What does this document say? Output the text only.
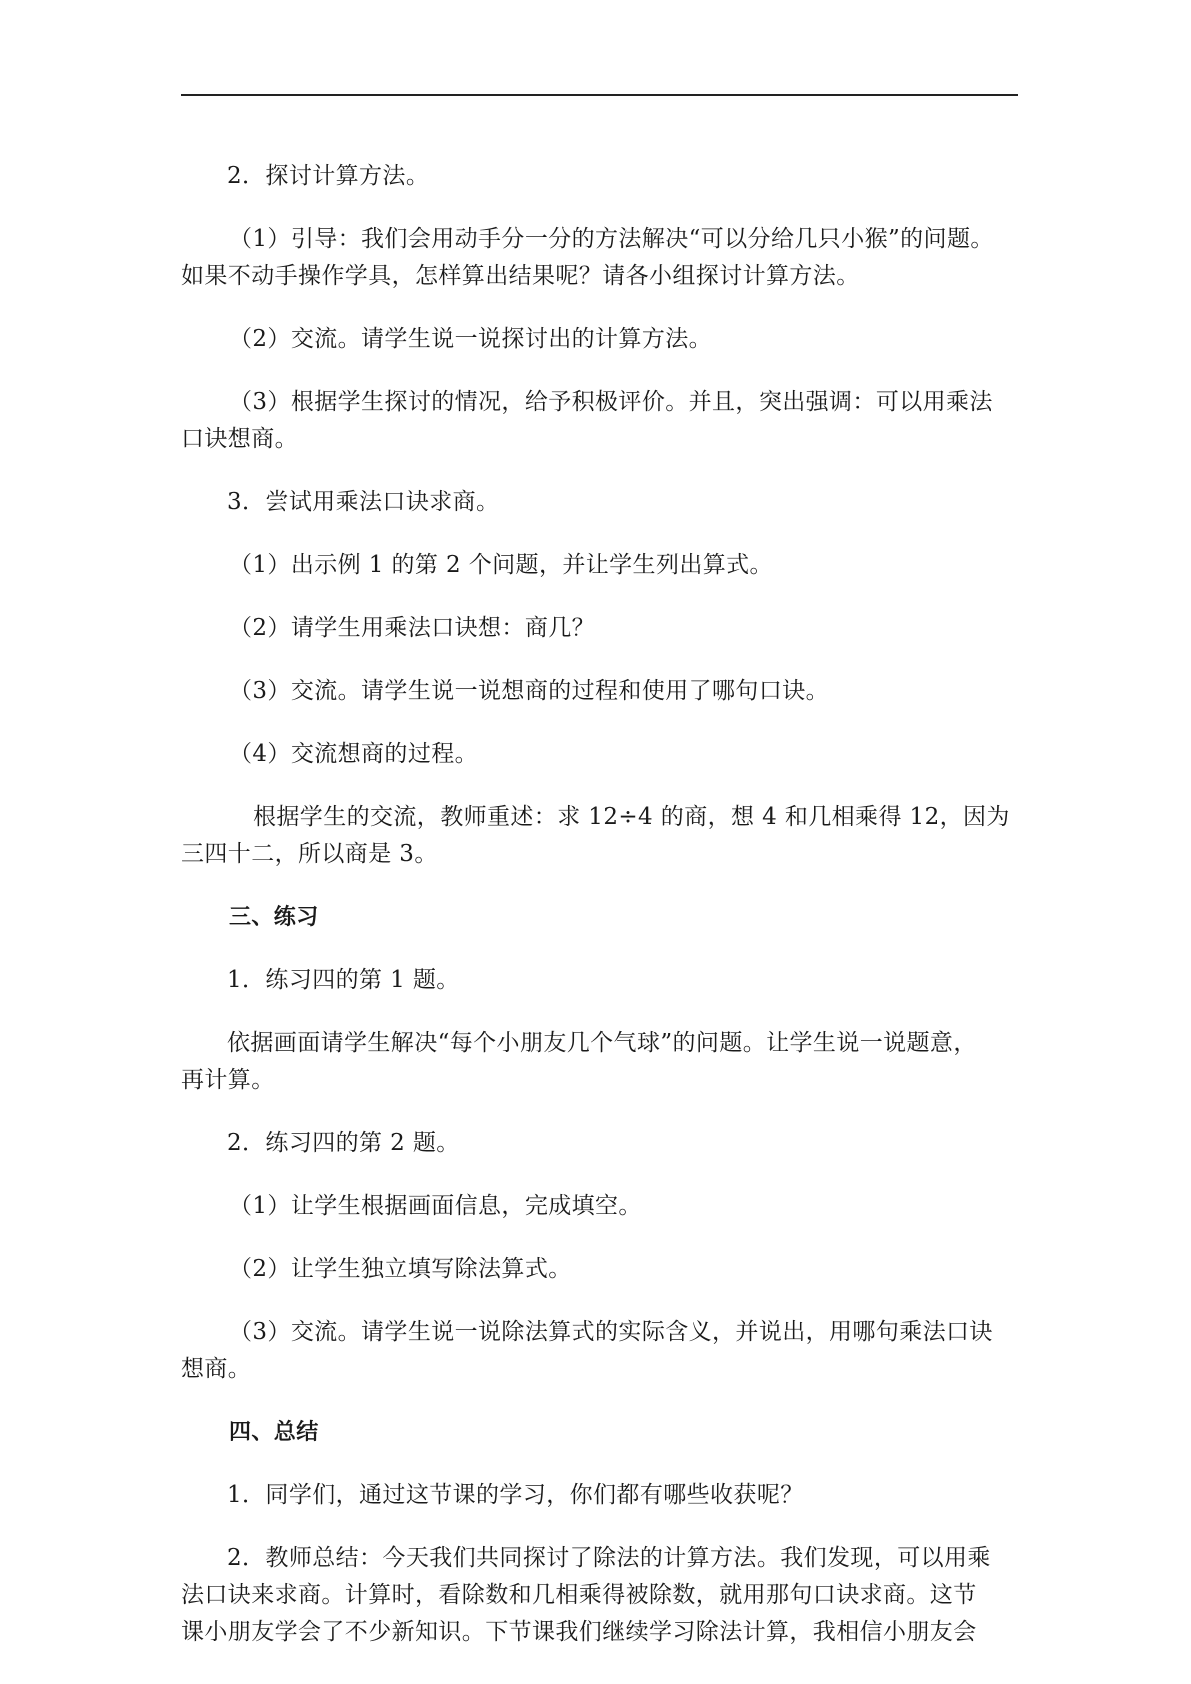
2．探讨计算方法。

（1）引导：我们会用动手分一分的方法解决“可以分给几只小猴”的问题。
如果不动手操作学具，怎样算出结果呢？请各小组探讨计算方法。

（2）交流。请学生说一说探讨出的计算方法。

（3）根据学生探讨的情况，给予积极评价。并且，突出强调：可以用乘法
口诀想商。

3．尝试用乘法口诀求商。

（1）出示例 1 的第 2 个问题，并让学生列出算式。

（2）请学生用乘法口诀想：商几？

（3）交流。请学生说一说想商的过程和使用了哪句口诀。

（4）交流想商的过程。

根据学生的交流，教师重述：求 12÷4 的商，想 4 和几相乘得 12，因为
三四十二，所以商是 3。

三、练习

1．练习四的第 1 题。

依据画面请学生解决“每个小朋友几个气球”的问题。让学生说一说题意，
再计算。

2．练习四的第 2 题。

（1）让学生根据画面信息，完成填空。

（2）让学生独立填写除法算式。

（3）交流。请学生说一说除法算式的实际含义，并说出，用哪句乘法口诀
想商。

四、总结

1．同学们，通过这节课的学习，你们都有哪些收获呢？

2．教师总结：今天我们共同探讨了除法的计算方法。我们发现，可以用乘
法口诀来求商。计算时，看除数和几相乘得被除数，就用那句口诀求商。这节
课小朋友学会了不少新知识。下节课我们继续学习除法计算，我相信小朋友会
